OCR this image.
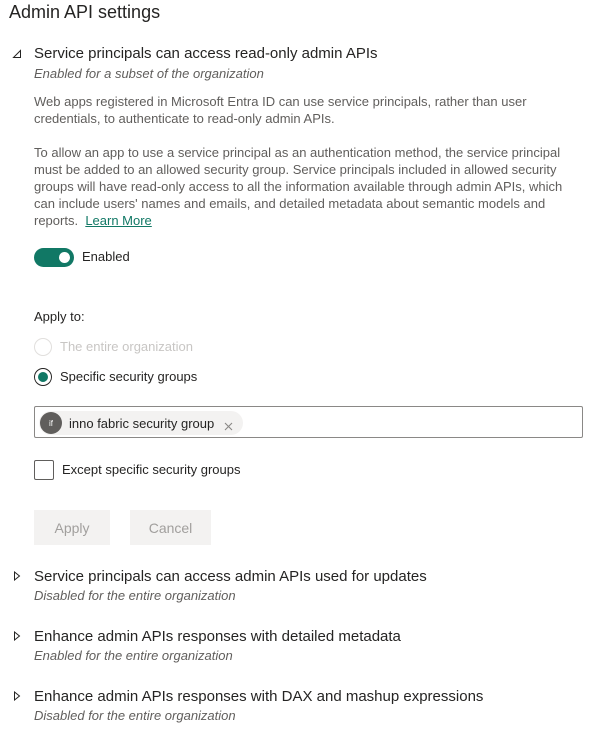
Admin API settings
Service principals can access read-only admin APIs
Enabled for a subset of the organization
Web apps registered in Microsoft Entra ID can use service principals, rather than user credentials, to authenticate to read-only admin APIs.
To allow an app to use a service principal as an authentication method, the service principal must be added to an allowed security group. Service principals included in allowed security groups will have read-only access to all the information available through admin APIs, which can include users' names and emails, and detailed metadata about semantic models and reports. Learn More
Enabled
Apply to:
The entire organization
Specific security groups
if	inno fabric security group
Except specific security groups
Apply	Cancel
Service principals can access admin APIs used for updates
Disabled for the entire organization
Enhance admin APIs responses with detailed metadata
Enabled for the entire organization
Enhance admin APIs responses with DAX and mashup expressions
Disabled for the entire organization
